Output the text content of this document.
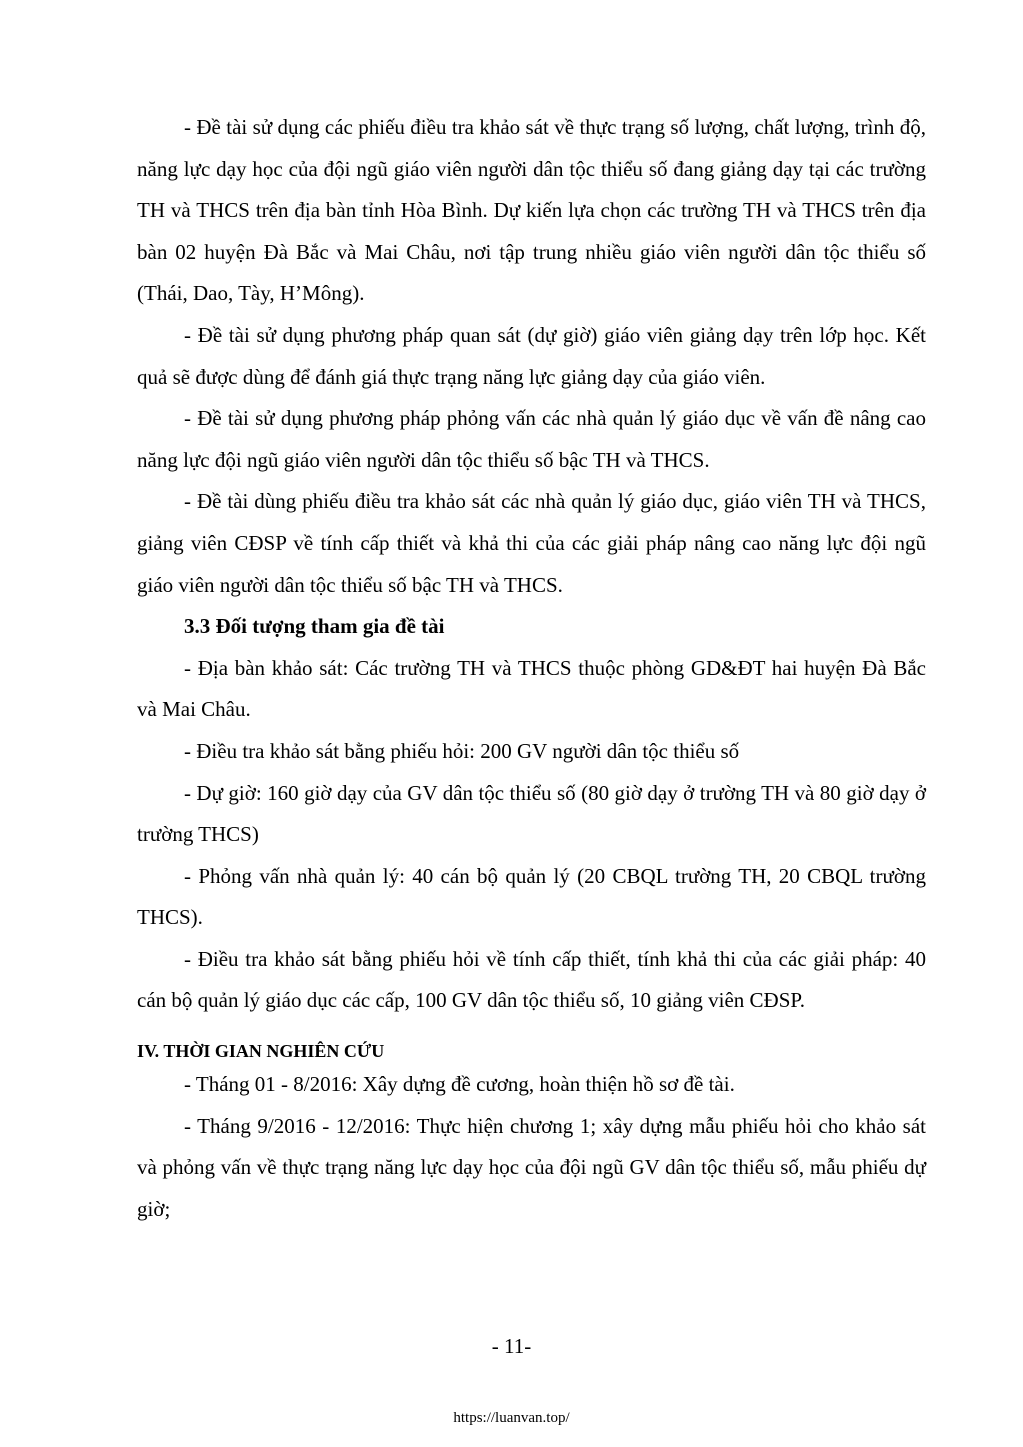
- Đề tài sử dụng các phiếu điều tra khảo sát về thực trạng số lượng, chất lượng, trình độ, năng lực dạy học của đội ngũ giáo viên người dân tộc thiểu số đang giảng dạy tại các trường TH và THCS trên địa bàn tỉnh Hòa Bình. Dự kiến lựa chọn các trường TH và THCS trên địa bàn 02 huyện Đà Bắc và Mai Châu, nơi tập trung nhiều giáo viên người dân tộc thiểu số (Thái, Dao, Tày, H’Mông).

- Đề tài sử dụng phương pháp quan sát (dự giờ) giáo viên giảng dạy trên lớp học. Kết quả sẽ được dùng để đánh giá thực trạng năng lực giảng dạy của giáo viên.

- Đề tài sử dụng phương pháp phỏng vấn các nhà quản lý giáo dục về vấn đề nâng cao năng lực đội ngũ giáo viên người dân tộc thiểu số bậc TH và THCS.

- Đề tài dùng phiếu điều tra khảo sát các nhà quản lý giáo dục, giáo viên TH và THCS, giảng viên CĐSP về tính cấp thiết và khả thi của các giải pháp nâng cao năng lực đội ngũ giáo viên người dân tộc thiểu số bậc TH và THCS.

3.3 Đối tượng tham gia đề tài

- Địa bàn khảo sát: Các trường TH và THCS thuộc phòng GD&ĐT hai huyện Đà Bắc và Mai Châu.

- Điều tra khảo sát bằng phiếu hỏi: 200 GV người dân tộc thiểu số

- Dự giờ: 160 giờ dạy của GV dân tộc thiểu số (80 giờ dạy ở trường TH và 80 giờ dạy ở trường THCS)

- Phỏng vấn nhà quản lý: 40 cán bộ quản lý (20 CBQL trường TH, 20 CBQL trường THCS).

- Điều tra khảo sát bằng phiếu hỏi về tính cấp thiết, tính khả thi của các giải pháp: 40 cán bộ quản lý giáo dục các cấp, 100 GV dân tộc thiểu số, 10 giảng viên CĐSP.

IV. THỜI GIAN NGHIÊN CỨU

- Tháng 01 - 8/2016: Xây dựng đề cương, hoàn thiện hồ sơ đề tài.

- Tháng 9/2016 - 12/2016: Thực hiện chương 1; xây dựng mẫu phiếu hỏi cho khảo sát và phỏng vấn về thực trạng năng lực dạy học của đội ngũ GV dân tộc thiểu số, mẫu phiếu dự giờ;

- 11-
https://luanvan.top/
